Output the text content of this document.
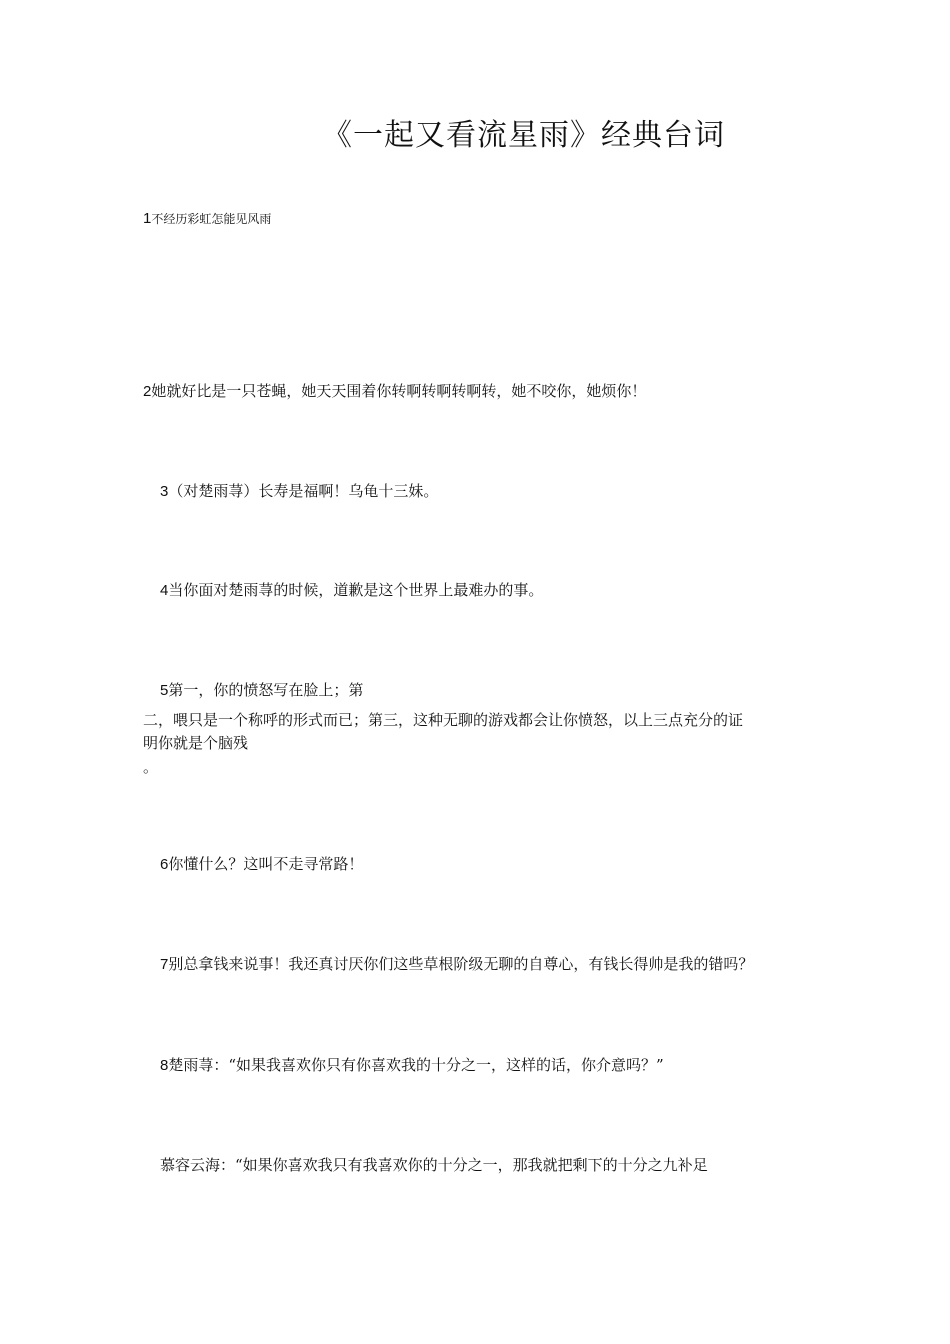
《一起又看流星雨》经典台词
1不经历彩虹怎能见风雨
2她就好比是一只苍蝇，她天天围着你转啊转啊转啊转，她不咬你，她烦你！
3（对楚雨荨）长寿是福啊！乌龟十三妹。
4当你面对楚雨荨的时候，道歉是这个世界上最难办的事。
5第一，你的愤怒写在脸上；第
二，喂只是一个称呼的形式而已；第三，这种无聊的游戏都会让你愤怒，以上三点充分的证
明你就是个脑残
。
6你懂什么？这叫不走寻常路！
7别总拿钱来说事！我还真讨厌你们这些草根阶级无聊的自尊心，有钱长得帅是我的错吗？
8楚雨荨：“如果我喜欢你只有你喜欢我的十分之一，这样的话，你介意吗？”
慕容云海：“如果你喜欢我只有我喜欢你的十分之一，那我就把剩下的十分之九补足
